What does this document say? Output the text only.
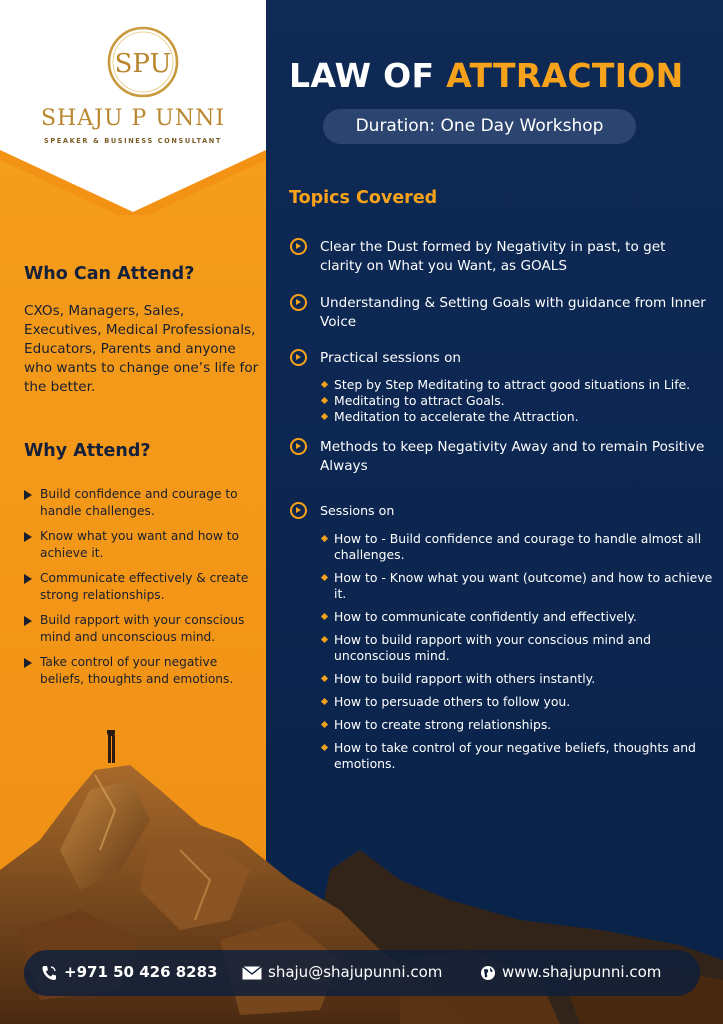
SPU
SHAJU P UNNI
SPEAKER & BUSINESS CONSULTANT
Who Can Attend?
CXOs, Managers, Sales, Executives, Medical Professionals, Educators, Parents and anyone who wants to change one’s life for the better.
Why Attend?
Build confidence and courage to handle challenges.
Know what you want and how to achieve it.
Communicate effectively & create strong relationships.
Build rapport with your conscious mind and unconscious mind.
Take control of your negative beliefs, thoughts and emotions.
LAW OF ATTRACTION
Duration: One Day Workshop
Topics Covered
Clear the Dust formed by Negativity in past, to get clarity on What you Want, as GOALS
Understanding & Setting Goals with guidance from Inner Voice
Practical sessions on
Step by Step Meditating to attract good situations in Life.
Meditating to attract Goals.
Meditation to accelerate the Attraction.
Methods to keep Negativity Away and to remain Positive Always
Sessions on
How to - Build confidence and courage to handle almost all challenges.
How to - Know what you want (outcome) and how to achieve it.
How to communicate confidently and effectively.
How to build rapport with your conscious mind and unconscious mind.
How to build rapport with others instantly.
How to persuade others to follow you.
How to create strong relationships.
How to take control of your negative beliefs, thoughts and emotions.
+971 50 426 8283	shaju@shajupunni.com	www.shajupunni.com
